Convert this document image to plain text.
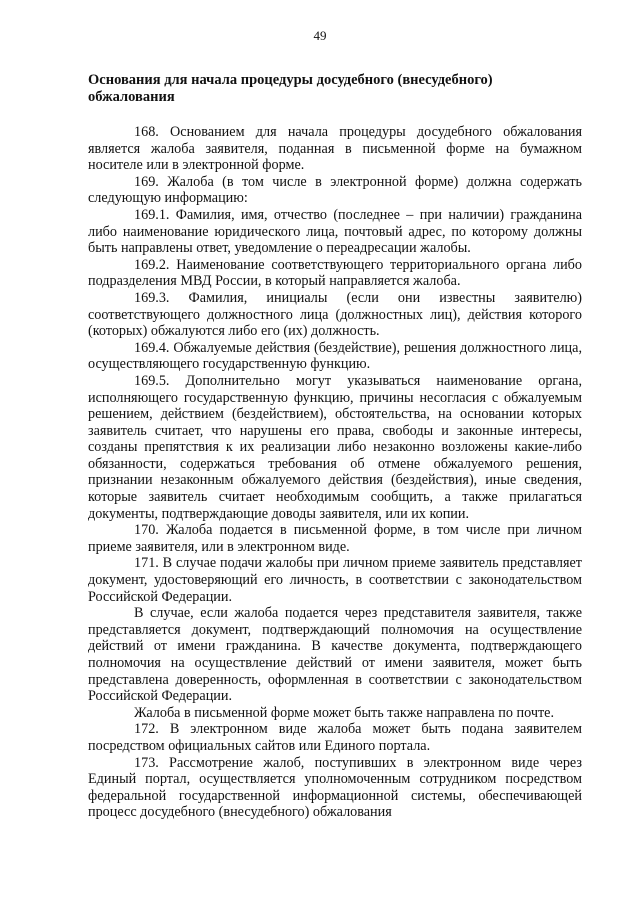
49
Основания для начала процедуры досудебного (внесудебного) обжалования

168. Основанием для начала процедуры досудебного обжалования является жалоба заявителя, поданная в письменной форме на бумажном носителе или в электронной форме.

169. Жалоба (в том числе в электронной форме) должна содержать следующую информацию:

169.1. Фамилия, имя, отчество (последнее – при наличии) гражданина либо наименование юридического лица, почтовый адрес, по которому должны быть направлены ответ, уведомление о переадресации жалобы.

169.2. Наименование соответствующего территориального органа либо подразделения МВД России, в который направляется жалоба.

169.3. Фамилия, инициалы (если они известны заявителю) соответствующего должностного лица (должностных лиц), действия которого (которых) обжалуются либо его (их) должность.

169.4. Обжалуемые действия (бездействие), решения должностного лица, осуществляющего государственную функцию.

169.5. Дополнительно могут указываться наименование органа, исполняющего государственную функцию, причины несогласия с обжалуемым решением, действием (бездействием), обстоятельства, на основании которых заявитель считает, что нарушены его права, свободы и законные интересы, созданы препятствия к их реализации либо незаконно возложены какие-либо обязанности, содержаться требования об отмене обжалуемого решения, признании незаконным обжалуемого действия (бездействия), иные сведения, которые заявитель считает необходимым сообщить, а также прилагаться документы, подтверждающие доводы заявителя, или их копии.

170. Жалоба подается в письменной форме, в том числе при личном приеме заявителя, или в электронном виде.

171. В случае подачи жалобы при личном приеме заявитель представляет документ, удостоверяющий его личность, в соответствии с законодательством Российской Федерации.

В случае, если жалоба подается через представителя заявителя, также представляется документ, подтверждающий полномочия на осуществление действий от имени гражданина. В качестве документа, подтверждающего полномочия на осуществление действий от имени заявителя, может быть представлена доверенность, оформленная в соответствии с законодательством Российской Федерации.

Жалоба в письменной форме может быть также направлена по почте.

172. В электронном виде жалоба может быть подана заявителем посредством официальных сайтов или Единого портала.

173. Рассмотрение жалоб, поступивших в электронном виде через Единый портал, осуществляется уполномоченным сотрудником посредством федеральной государственной информационной системы, обеспечивающей процесс досудебного (внесудебного) обжалования
